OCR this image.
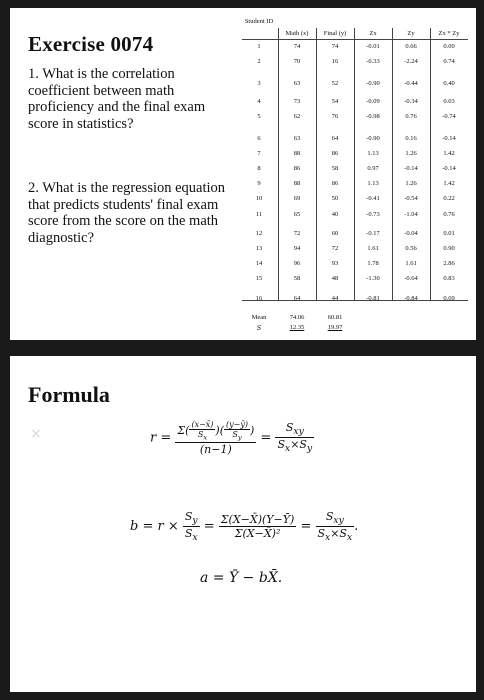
Exercise 0074
1. What is the correlation coefficient between math proficiency and the final exam score in statistics?
2. What is the regression equation that predicts students' final exam score from the score on the math diagnostic?
Student ID
Math (x)	Final (y)	Zx	Zy	Zx * Zy
Mean	74.06	60.81
S	12.35	19.97
1	74	74	-0.01	0.66	0.00
2	70	16	-0.33	-2.24	0.74
3	63	52	-0.90	-0.44	0.40
4	73	54	-0.09	-0.34	0.03
5	62	76	-0.98	0.76	-0.74
6	63	64	-0.90	0.16	-0.14
7	88	86	1.13	1.26	1.42
8	86	58	0.97	-0.14	-0.14
9	88	86	1.13	1.26	1.42
10	69	50	-0.41	-0.54	0.22
11	65	40	-0.73	-1.04	0.76
12	72	60	-0.17	-0.04	0.01
13	94	72	1.61	0.56	0.90
14	96	93	1.78	1.61	2.86
15	58	48	-1.30	-0.64	0.83
16	64	44	-0.81	-0.84	0.69
Formula
×	$r = \frac{\Sigma( \frac{(x-x̄)}{S_x} )( \frac{(y-ȳ)}{S_y} )}{(n-1)} = \frac{S_{xy}}{S_x\times S_y}$
$b = r \times \frac{S_y}{S_x} = \frac{\Sigma(X-X̄)(Y-Ȳ)}{\text{Σ(X−X̄)²}} = \frac{S_{xy}}{S_x\times S_x}$ .
a = Ȳ − bX̄.
